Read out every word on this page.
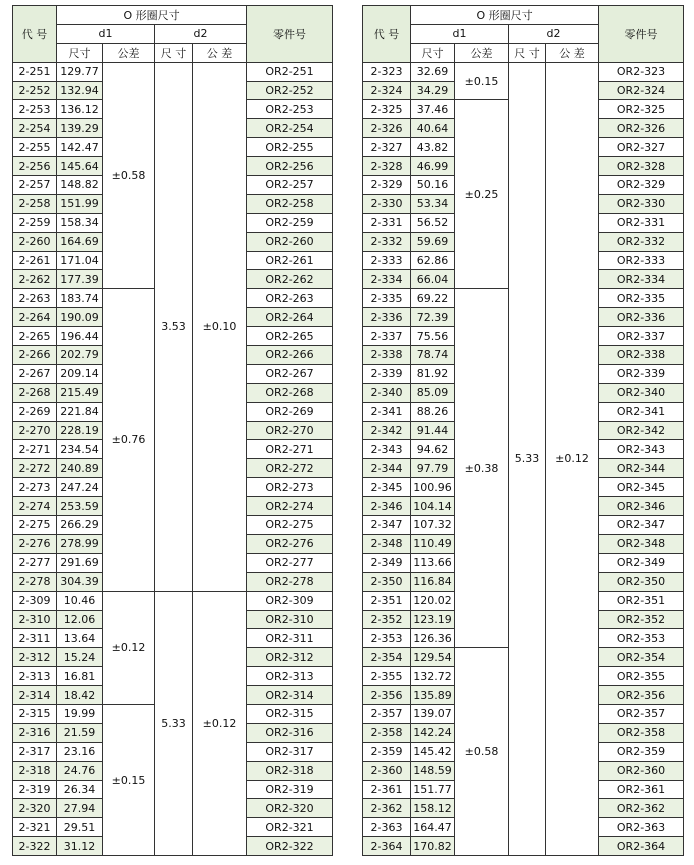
代 号	O 形圈尺寸				零件号
	d1		d2		
	尺寸	公差	尺 寸	公 差	
2-251	129.77	±0.58	3.53	±0.10	OR2-251
2-252	132.94				OR2-252
2-253	136.12				OR2-253
2-254	139.29				OR2-254
2-255	142.47				OR2-255
2-256	145.64				OR2-256
2-257	148.82				OR2-257
2-258	151.99				OR2-258
2-259	158.34				OR2-259
2-260	164.69				OR2-260
2-261	171.04				OR2-261
2-262	177.39				OR2-262
2-263	183.74	±0.76			OR2-263
2-264	190.09				OR2-264
2-265	196.44				OR2-265
2-266	202.79				OR2-266
2-267	209.14				OR2-267
2-268	215.49				OR2-268
2-269	221.84				OR2-269
2-270	228.19				OR2-270
2-271	234.54				OR2-271
2-272	240.89				OR2-272
2-273	247.24				OR2-273
2-274	253.59				OR2-274
2-275	266.29				OR2-275
2-276	278.99				OR2-276
2-277	291.69				OR2-277
2-278	304.39				OR2-278
2-309	10.46	±0.12	5.33	±0.12	OR2-309
2-310	12.06				OR2-310
2-311	13.64				OR2-311
2-312	15.24				OR2-312
2-313	16.81				OR2-313
2-314	18.42				OR2-314
2-315	19.99	±0.15			OR2-315
2-316	21.59				OR2-316
2-317	23.16				OR2-317
2-318	24.76				OR2-318
2-319	26.34				OR2-319
2-320	27.94				OR2-320
2-321	29.51				OR2-321
2-322	31.12				OR2-322
代 号	O 形圈尺寸				零件号
	d1		d2		
	尺寸	公差	尺 寸	公 差	
2-323	32.69	±0.15	5.33	±0.12	OR2-323
2-324	34.29				OR2-324
2-325	37.46	±0.25			OR2-325
2-326	40.64				OR2-326
2-327	43.82				OR2-327
2-328	46.99				OR2-328
2-329	50.16				OR2-329
2-330	53.34				OR2-330
2-331	56.52				OR2-331
2-332	59.69				OR2-332
2-333	62.86				OR2-333
2-334	66.04				OR2-334
2-335	69.22	±0.38			OR2-335
2-336	72.39				OR2-336
2-337	75.56				OR2-337
2-338	78.74				OR2-338
2-339	81.92				OR2-339
2-340	85.09				OR2-340
2-341	88.26				OR2-341
2-342	91.44				OR2-342
2-343	94.62				OR2-343
2-344	97.79				OR2-344
2-345	100.96				OR2-345
2-346	104.14				OR2-346
2-347	107.32				OR2-347
2-348	110.49				OR2-348
2-349	113.66				OR2-349
2-350	116.84				OR2-350
2-351	120.02				OR2-351
2-352	123.19				OR2-352
2-353	126.36				OR2-353
2-354	129.54	±0.58			OR2-354
2-355	132.72				OR2-355
2-356	135.89				OR2-356
2-357	139.07				OR2-357
2-358	142.24				OR2-358
2-359	145.42				OR2-359
2-360	148.59				OR2-360
2-361	151.77				OR2-361
2-362	158.12				OR2-362
2-363	164.47				OR2-363
2-364	170.82				OR2-364
